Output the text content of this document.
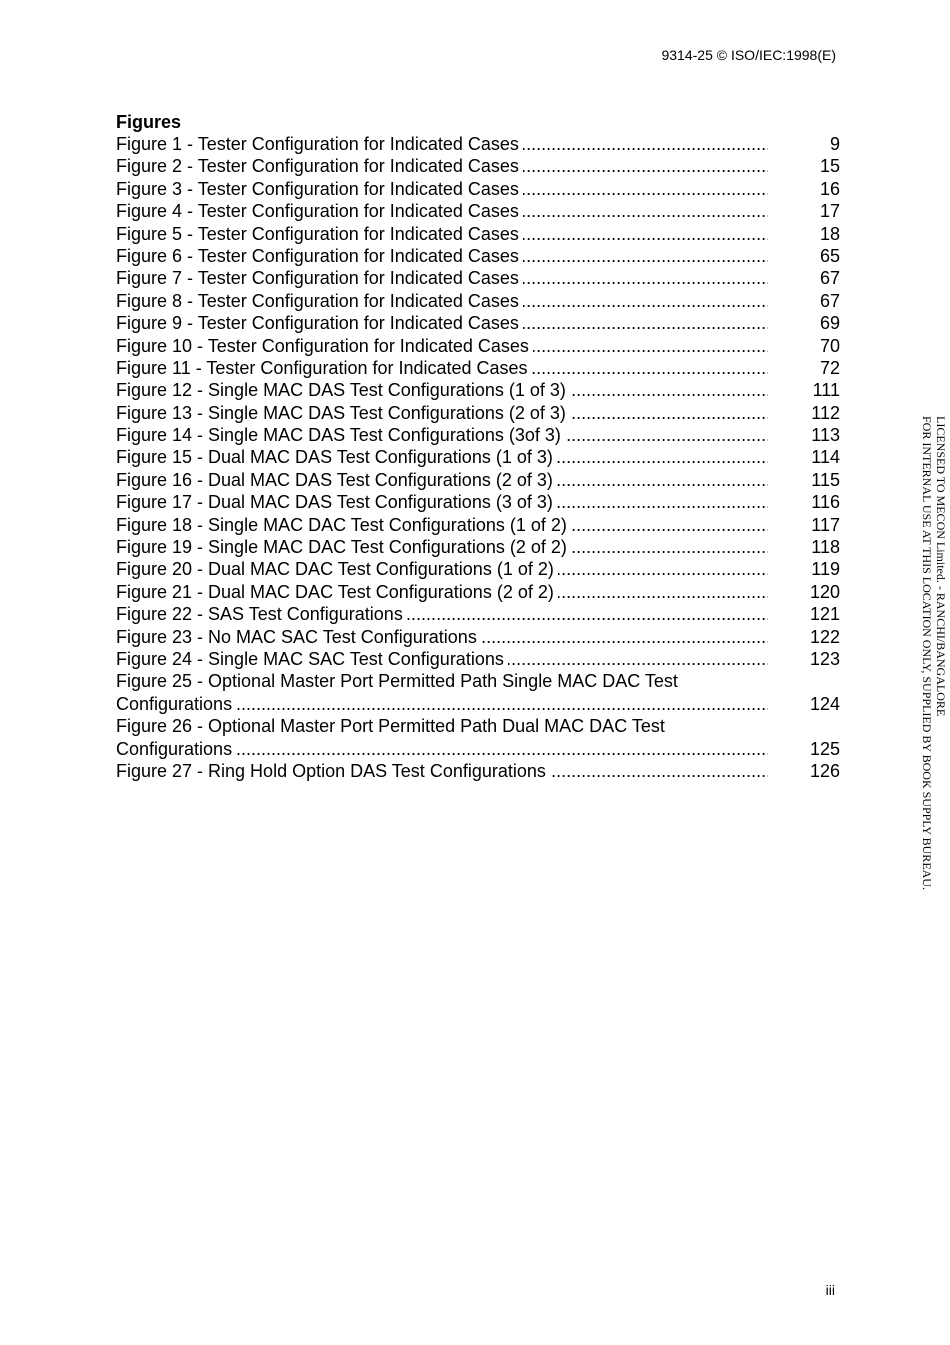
9314-25 © ISO/IEC:1998(E)
Figures
Figure 1 - Tester Configuration for Indicated Cases .....	9
Figure 2 - Tester Configuration for Indicated Cases .....	15
Figure 3 - Tester Configuration for Indicated Cases .....	16
Figure 4 - Tester Configuration for Indicated Cases .....	17
Figure 5 - Tester Configuration for Indicated Cases .....	18
Figure 6 - Tester Configuration for Indicated Cases .....	65
Figure 7 - Tester Configuration for Indicated Cases .....	67
Figure 8 - Tester Configuration for Indicated Cases .....	67
Figure 9 - Tester Configuration for Indicated Cases .....	69
Figure 10 - Tester Configuration for Indicated Cases .....	70
Figure 11 - Tester Configuration for Indicated Cases .....	72
Figure 12 - Single MAC DAS Test Configurations (1 of 3) .....	111
Figure 13 - Single MAC DAS Test Configurations (2 of 3) .....	112
Figure 14 - Single MAC DAS Test Configurations (3of 3) .....	113
Figure 15 - Dual MAC DAS Test Configurations (1 of 3) .....	114
Figure 16 - Dual MAC DAS Test Configurations (2 of 3) .....	115
Figure 17 - Dual MAC DAS Test Configurations (3 of 3) .....	116
Figure 18 - Single MAC DAC Test Configurations (1 of 2) .....	117
Figure 19 - Single MAC DAC Test Configurations (2 of 2) .....	118
Figure 20 - Dual MAC DAC Test Configurations (1 of 2) .....	119
Figure 21 - Dual MAC DAC Test Configurations (2 of 2) .....	120
Figure 22 - SAS Test Configurations .....	121
Figure 23 - No MAC SAC Test Configurations .....	122
Figure 24 - Single MAC SAC Test Configurations .....	123
Figure 25 - Optional Master Port Permitted Path Single MAC DAC Test
Configurations .....	124
Figure 26 - Optional Master Port Permitted Path Dual MAC DAC Test
Configurations .....	125
Figure 27 - Ring Hold Option DAS Test Configurations .....	126
LICENSED TO MECON Limited. - RANCHI/BANGALORE
FOR INTERNAL USE AT THIS LOCATION ONLY, SUPPLIED BY BOOK SUPPLY BUREAU.
iii
